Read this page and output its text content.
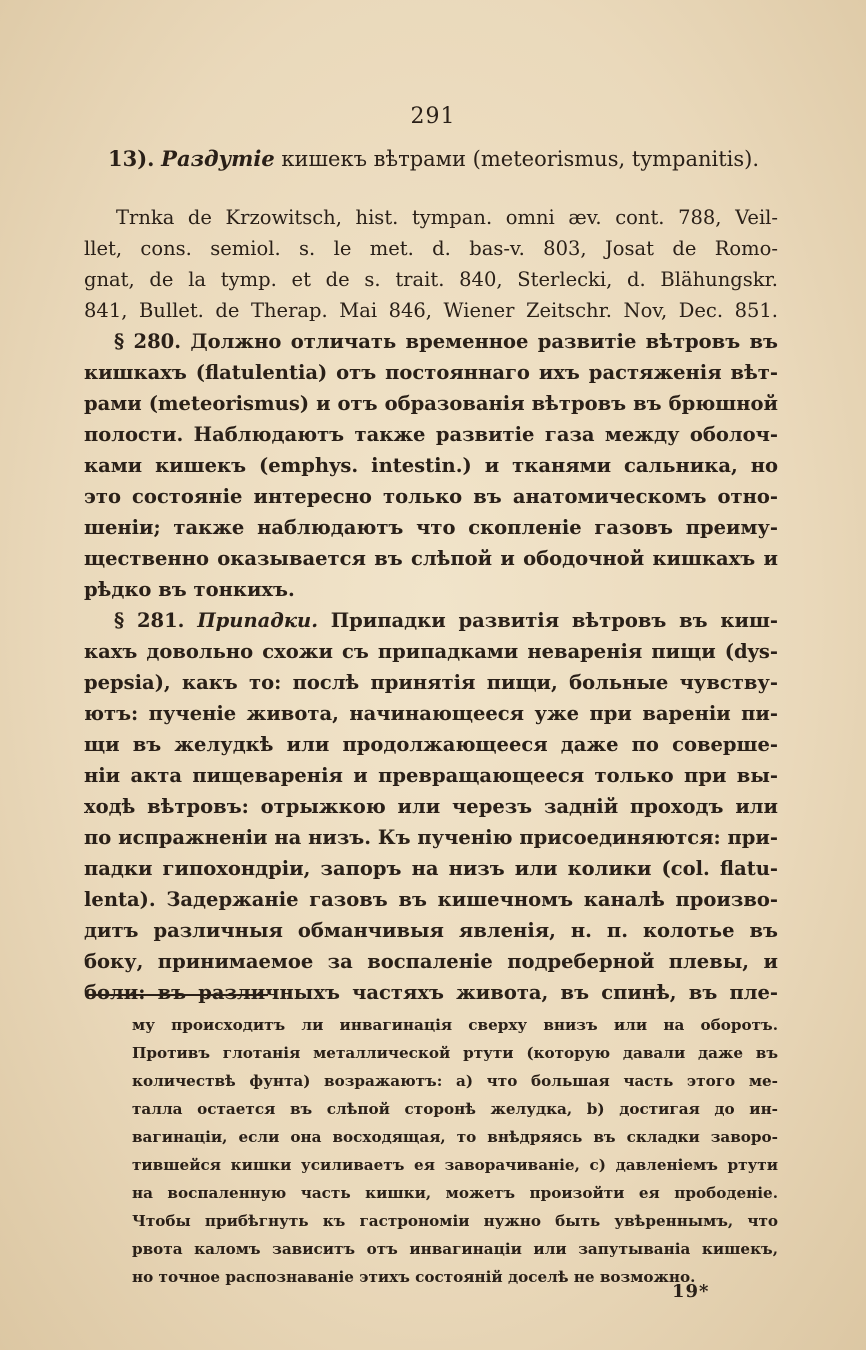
291
13). Раздутіе кишекъ вѣтрами (meteorismus, tympanitis).
Trnka de Krzowitsch, hist. tympan. omni æv. cont. 788, Veil-
llet, cons. semiol. s. le met. d. bas-v. 803, Josat de Romo-
gnat, de la tymp. et de s. trait. 840, Sterlecki, d. Blähungskr.
841, Bullet. de Therap. Mai 846, Wiener Zeitschr. Nov, Dec. 851.
§ 280. Должно отличать временное развитіе вѣтровъ въ
кишкахъ (flatulentia) отъ постояннаго ихъ растяженія вѣт-
рами (meteorismus) и отъ образованія вѣтровъ въ брюшной
полости. Наблюдаютъ также развитіе газа между оболоч-
ками кишекъ (emphys. intestin.) и тканями сальника, но
это состояніе интересно только въ анатомическомъ отно-
шеніи; также наблюдаютъ что скопленіе газовъ преиму-
щественно оказывается въ слѣпой и ободочной кишкахъ и
рѣдко въ тонкихъ.
§ 281. Припадки. Припадки развитія вѣтровъ въ киш-
кахъ довольно схожи съ припадками неваренія пищи (dys-
pepsia), какъ то: послѣ принятія пищи, больные чувству-
ютъ: пученіе живота, начинающееся уже при вареніи пи-
щи въ желудкѣ или продолжающееся даже по соверше-
ніи акта пищеваренія и превращающееся только при вы-
ходѣ вѣтровъ: отрыжкою или черезъ задній проходъ или
по испражненіи на низъ. Къ пученію присоединяются: при-
падки гипохондріи, запоръ на низъ или колики (col. flatu-
lenta). Задержаніе газовъ въ кишечномъ каналѣ произво-
дитъ различныя обманчивыя явленія, н. п. колотье въ
боку, принимаемое за воспаленіе подреберной плевы, и
боли: въ различныхъ частяхъ живота, въ спинѣ, въ пле-
му происходитъ ли инвагинація сверху внизъ или на оборотъ.
Противъ глотанія металлической ртути (которую давали даже въ
количествѣ фунта) возражаютъ: a) что большая часть этого ме-
талла остается въ слѣпой сторонѣ желудка, b) достигая до ин-
вагинаціи, если она восходящая, то внѣдряясь въ складки заворо-
тившейся кишки усиливаетъ ея заворачиваніе, c) давленіемъ ртути
на воспаленную часть кишки, можетъ произойти ея прободеніе.
Чтобы прибѣгнуть къ гастрономіи нужно быть увѣреннымъ, что
рвота каломъ зависитъ отъ инвагинаціи или запутываніа кишекъ,
но точное распознаваніе этихъ состояній доселѣ не возможно.
19*
